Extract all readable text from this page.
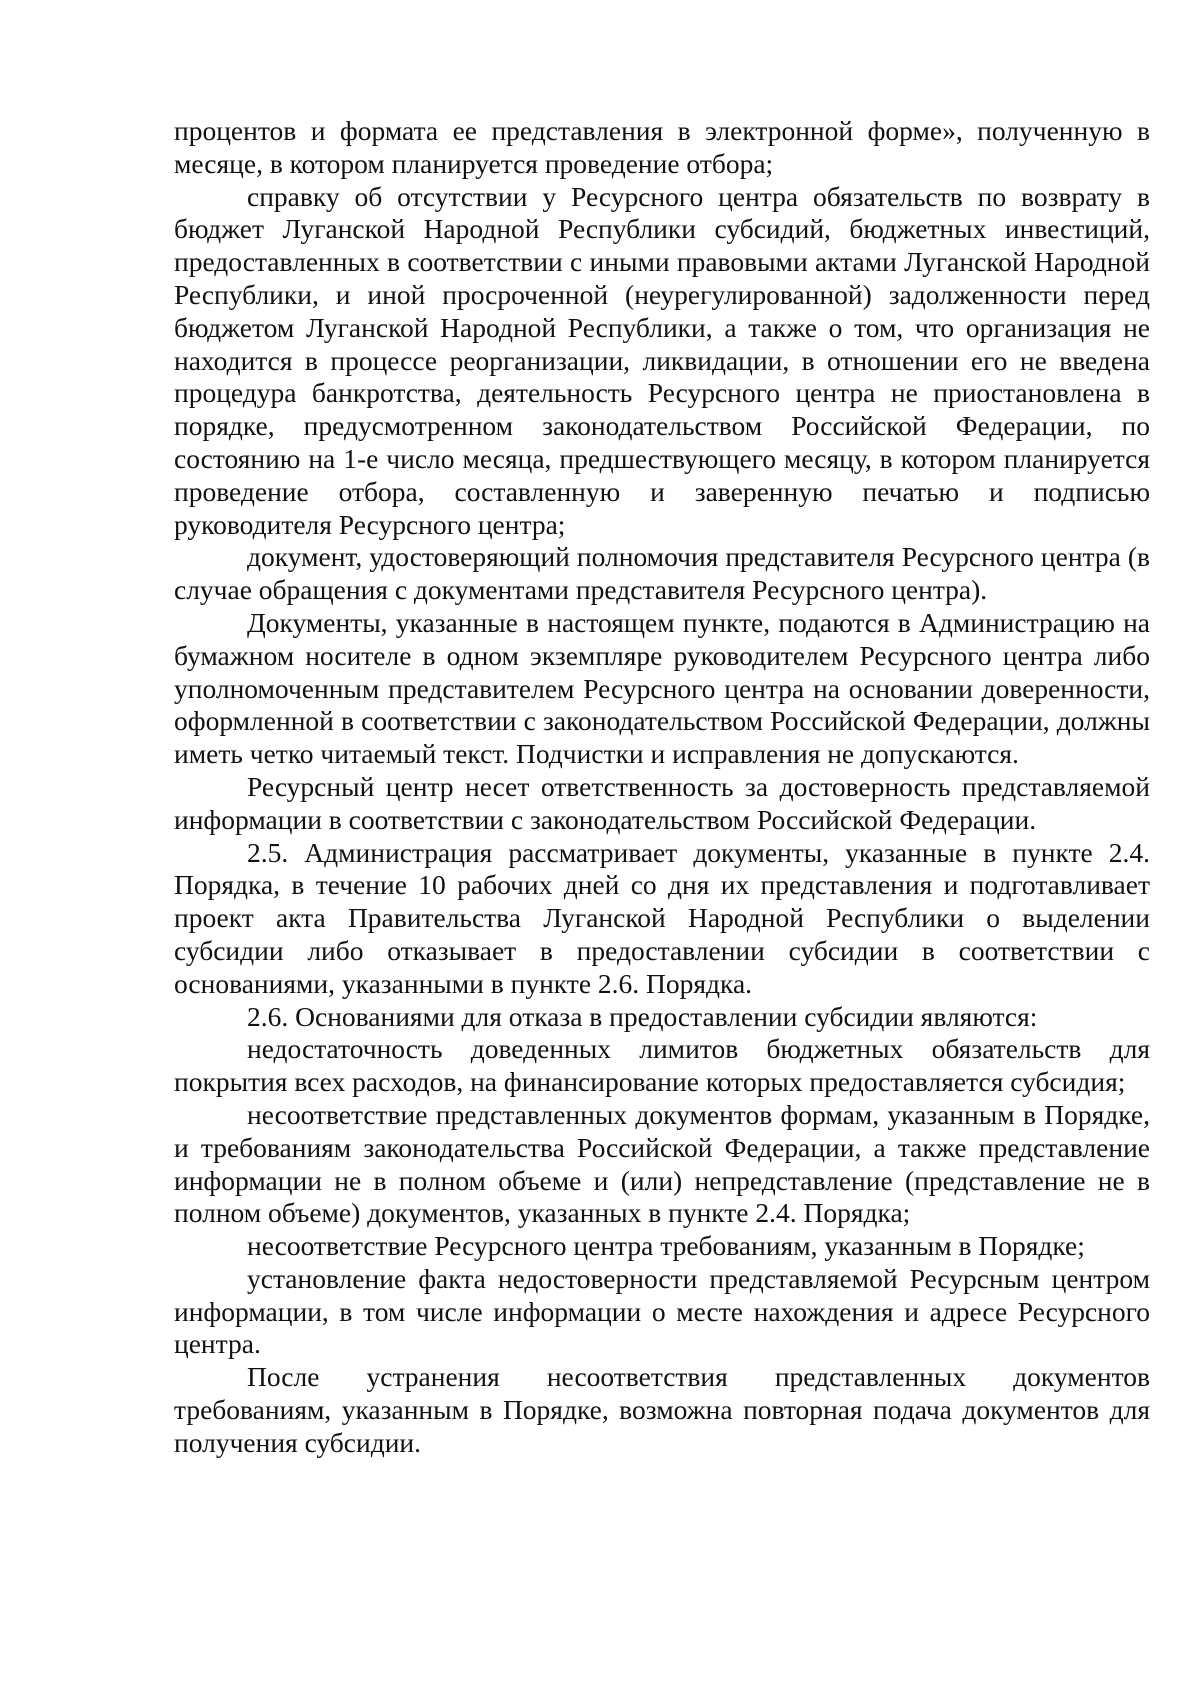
процентов и формата ее представления в электронной форме», полученную в месяце, в котором планируется проведение отбора;

справку об отсутствии у Ресурсного центра обязательств по возврату в бюджет Луганской Народной Республики субсидий, бюджетных инвестиций, предоставленных в соответствии с иными правовыми актами Луганской Народной Республики, и иной просроченной (неурегулированной) задолженности перед бюджетом Луганской Народной Республики, а также о том, что организация не находится в процессе реорганизации, ликвидации, в отношении его не введена процедура банкротства, деятельность Ресурсного центра не приостановлена в порядке, предусмотренном законодательством Российской Федерации, по состоянию на 1-е число месяца, предшествующего месяцу, в котором планируется проведение отбора, составленную и заверенную печатью и подписью руководителя Ресурсного центра;

документ, удостоверяющий полномочия представителя Ресурсного центра (в случае обращения с документами представителя Ресурсного центра).

Документы, указанные в настоящем пункте, подаются в Администрацию на бумажном носителе в одном экземпляре руководителем Ресурсного центра либо уполномоченным представителем Ресурсного центра на основании доверенности, оформленной в соответствии с законодательством Российской Федерации, должны иметь четко читаемый текст. Подчистки и исправления не допускаются.

Ресурсный центр несет ответственность за достоверность представляемой информации в соответствии с законодательством Российской Федерации.

2.5. Администрация рассматривает документы, указанные в пункте 2.4. Порядка, в течение 10 рабочих дней со дня их представления и подготавливает проект акта Правительства Луганской Народной Республики о выделении субсидии либо отказывает в предоставлении субсидии в соответствии с основаниями, указанными в пункте 2.6. Порядка.

2.6. Основаниями для отказа в предоставлении субсидии являются:

недостаточность доведенных лимитов бюджетных обязательств для покрытия всех расходов, на финансирование которых предоставляется субсидия;

несоответствие представленных документов формам, указанным в Порядке, и требованиям законодательства Российской Федерации, а также представление информации не в полном объеме и (или) непредставление (представление не в полном объеме) документов, указанных в пункте 2.4. Порядка;

несоответствие Ресурсного центра требованиям, указанным в Порядке;

установление факта недостоверности представляемой Ресурсным центром информации, в том числе информации о месте нахождения и адресе Ресурсного центра.

После устранения несоответствия представленных документов требованиям, указанным в Порядке, возможна повторная подача документов для получения субсидии.
